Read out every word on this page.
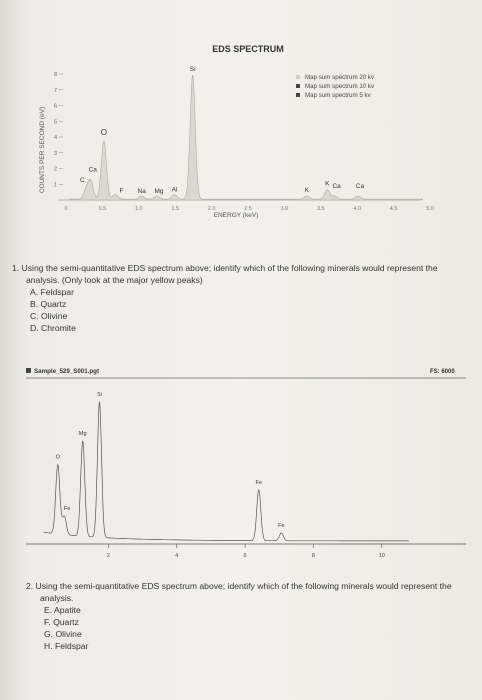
EDS SPECTRUM
COUNTS PER SECOND (eV)
ENERGY (keV)
Map sum spectrum 20 kv
Map sum spectrum 10 kv
Map sum spectrum 5 kv
1
2
3
4
5
6
7
8
0	0.5	1.0	1.5	2.0	2.5	3.0	3.5	4.0	4.5	5.0
C
Ca
O
F Na Mg Al
Si
K
K Ca Ca
1. Using the semi-quantitative EDS spectrum above; identify which of the following minerals would represent the analysis. (Only look at the major yellow peaks)
A. Feldspar
B. Quartz
C. Olivine
D. Chromite
Sample_529_S001.pgt	FS: 6000
2	4	6	8	10
O
Fe
Mg
Si
Fe
Fe
2. Using the semi-quantitative EDS spectrum above; identify which of the following minerals would represent the analysis.
E. Apatite
F. Quartz
G. Olivine
H. Feldspar
